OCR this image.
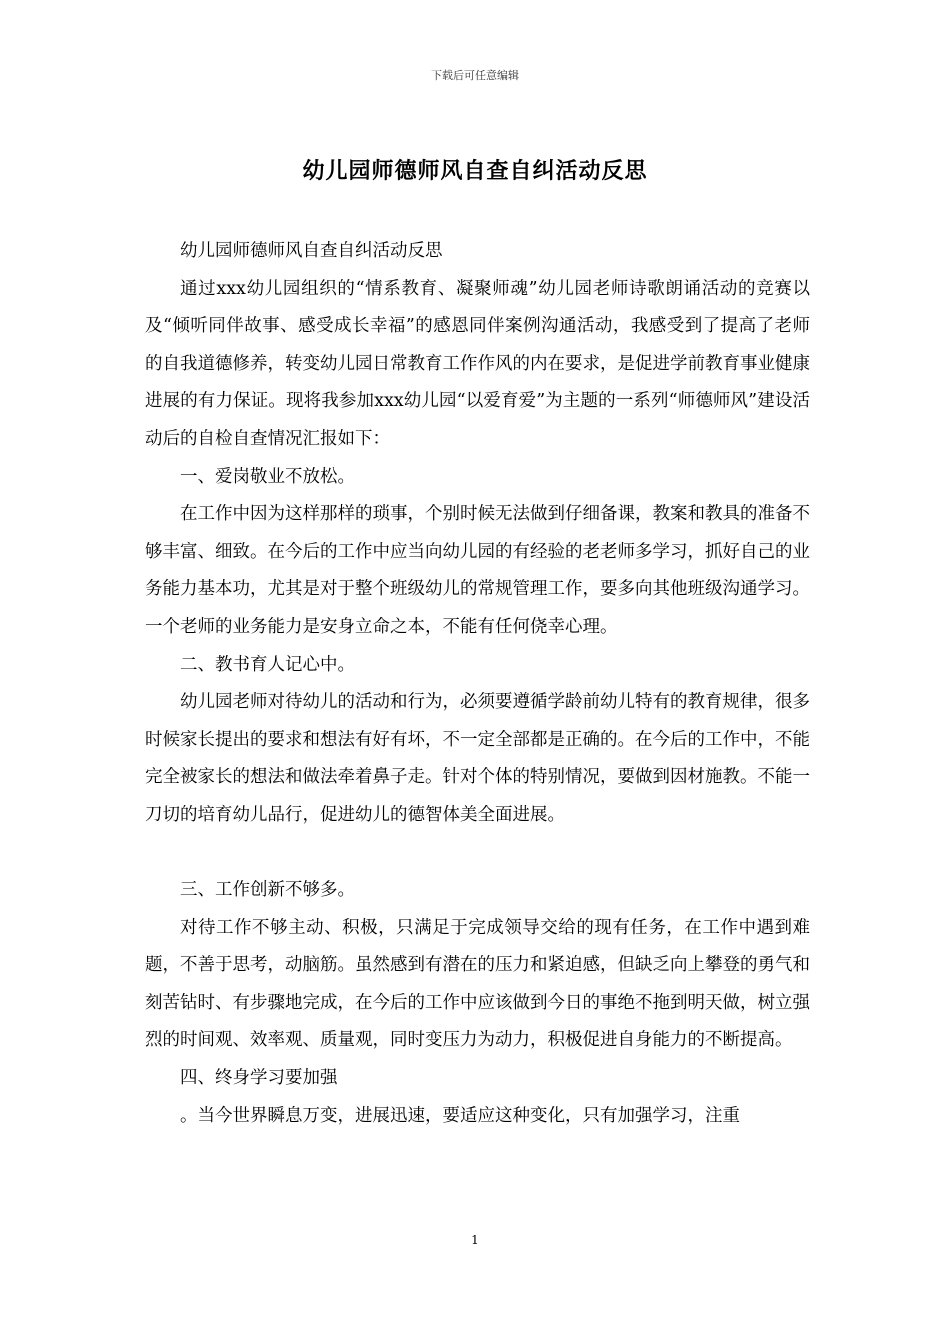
下载后可任意编辑
幼儿园师德师风自查自纠活动反思

幼儿园师德师风自查自纠活动反思

通过xxx幼儿园组织的“情系教育、凝聚师魂”幼儿园老师诗歌朗诵活动的竞赛以及“倾听同伴故事、感受成长幸福”的感恩同伴案例沟通活动，我感受到了提高了老师的自我道德修养，转变幼儿园日常教育工作作风的内在要求，是促进学前教育事业健康进展的有力保证。现将我参加xxx幼儿园“以爱育爱”为主题的一系列“师德师风”建设活动后的自检自查情况汇报如下：

一、爱岗敬业不放松。

在工作中因为这样那样的琐事，个别时候无法做到仔细备课，教案和教具的准备不够丰富、细致。在今后的工作中应当向幼儿园的有经验的老老师多学习，抓好自己的业务能力基本功，尤其是对于整个班级幼儿的常规管理工作，要多向其他班级沟通学习。一个老师的业务能力是安身立命之本，不能有任何侥幸心理。

二、教书育人记心中。

幼儿园老师对待幼儿的活动和行为，必须要遵循学龄前幼儿特有的教育规律，很多时候家长提出的要求和想法有好有坏，不一定全部都是正确的。在今后的工作中，不能完全被家长的想法和做法牵着鼻子走。针对个体的特别情况，要做到因材施教。不能一刀切的培育幼儿品行，促进幼儿的德智体美全面进展。

三、工作创新不够多。

对待工作不够主动、积极，只满足于完成领导交给的现有任务，在工作中遇到难题，不善于思考，动脑筋。虽然感到有潜在的压力和紧迫感，但缺乏向上攀登的勇气和刻苦钻时、有步骤地完成，在今后的工作中应该做到今日的事绝不拖到明天做，树立强烈的时间观、效率观、质量观，同时变压力为动力，积极促进自身能力的不断提高。

四、终身学习要加强

。当今世界瞬息万变，进展迅速，要适应这种变化，只有加强学习，注重

1
